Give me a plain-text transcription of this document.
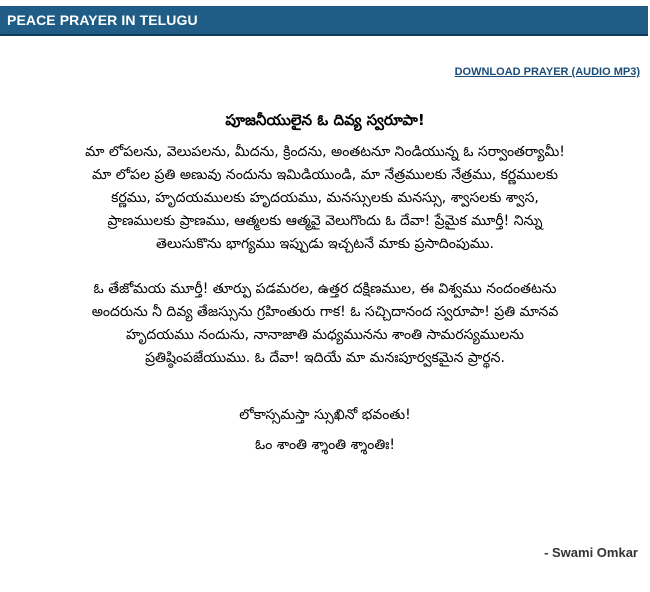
PEACE PRAYER IN TELUGU
DOWNLOAD PRAYER (AUDIO MP3)
పూజనీయులైన ఓ దివ్య స్వరూపా!
మా లోపలను, వెలుపలను, మీదను, క్రిందను, అంతటనూ నిండియున్న ఓ సర్వాంతర్యామీ!
మా లోపల ప్రతి అణువు నందును ఇమిడియుండి, మా నేత్రములకు నేత్రము, కర్ణములకు
కర్ణము, హృదయములకు హృదయము, మనస్సులకు మనస్సు, శ్వాసలకు శ్వాస,
ప్రాణములకు ప్రాణము, ఆత్మలకు ఆత్మవై వెలుగొందు ఓ దేవా! ప్రేమైక మూర్తీ! నిన్ను
తెలుసుకొను భాగ్యము ఇప్పుడు ఇచ్చటనే మాకు ప్రసాదింపుము.
ఓ తేజోమయ మూర్తీ! తూర్పు పడమరల, ఉత్తర దక్షిణముల, ఈ విశ్వము నందంతటను
అందరును నీ దివ్య తేజస్సును గ్రహింతురు గాక! ఓ సచ్చిదానంద స్వరూపా! ప్రతి మానవ
హృదయము నందును, నానాజాతి మధ్యమునను శాంతి సామరస్యములను
ప్రతిష్ఠింపజేయుము. ఓ దేవా! ఇదియే మా మనఃపూర్వకమైన ప్రార్థన.
లోకాస్సమస్తా స్సుఖినో భవంతు!
ఓం శాంతి శ్శాంతి శ్శాంతిః!
- Swami Omkar
